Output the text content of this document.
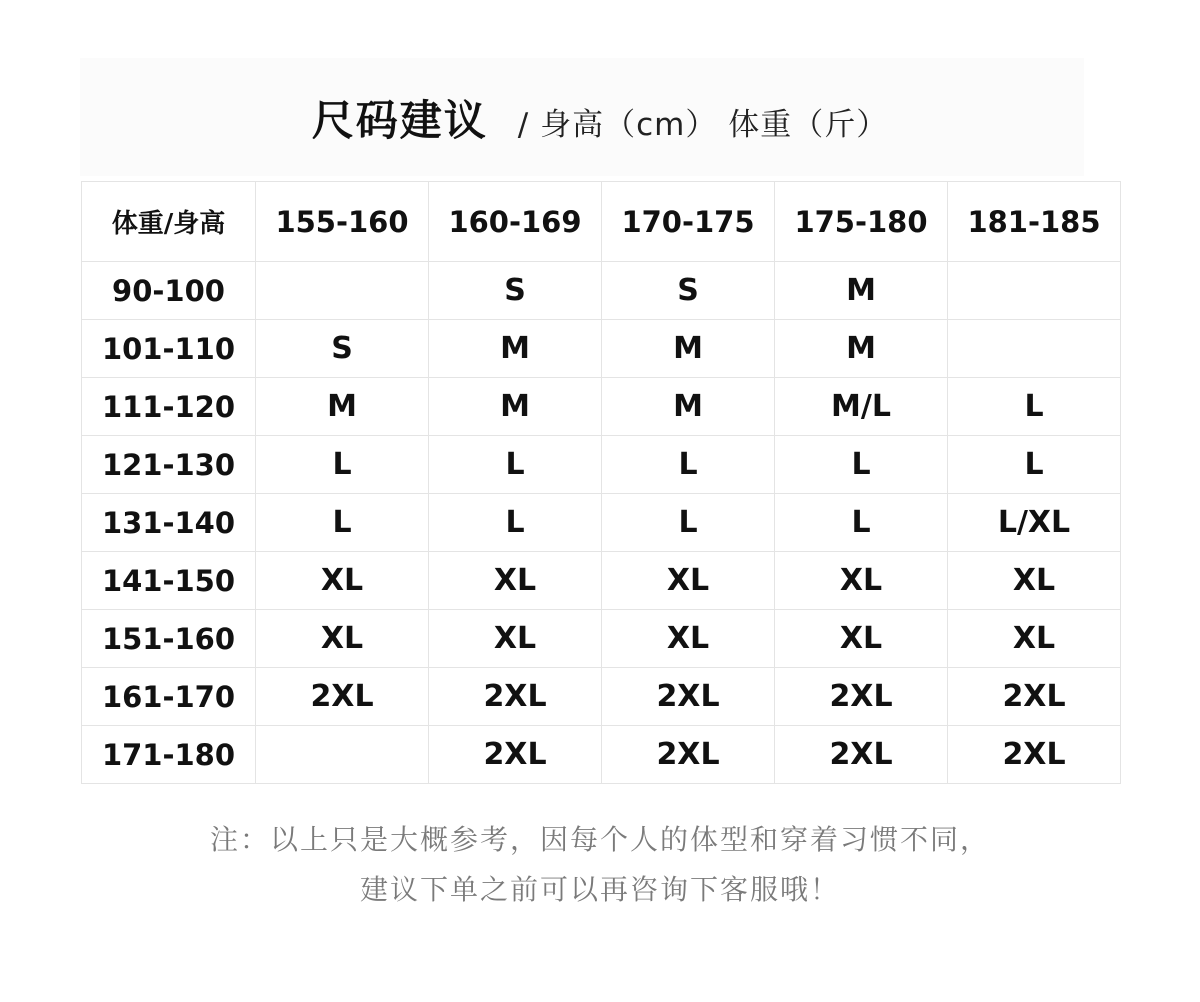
尺码建议 / 身高（cm） 体重（斤）
体重/身高	155-160	160-169	170-175	175-180	181-185
90-100		S	S	M	
101-110	S	M	M	M	
111-120	M	M	M	M/L	L
121-130	L	L	L	L	L
131-140	L	L	L	L	L/XL
141-150	XL	XL	XL	XL	XL
151-160	XL	XL	XL	XL	XL
161-170	2XL	2XL	2XL	2XL	2XL
171-180		2XL	2XL	2XL	2XL
注：以上只是大概参考，因每个人的体型和穿着习惯不同，
建议下单之前可以再咨询下客服哦！
